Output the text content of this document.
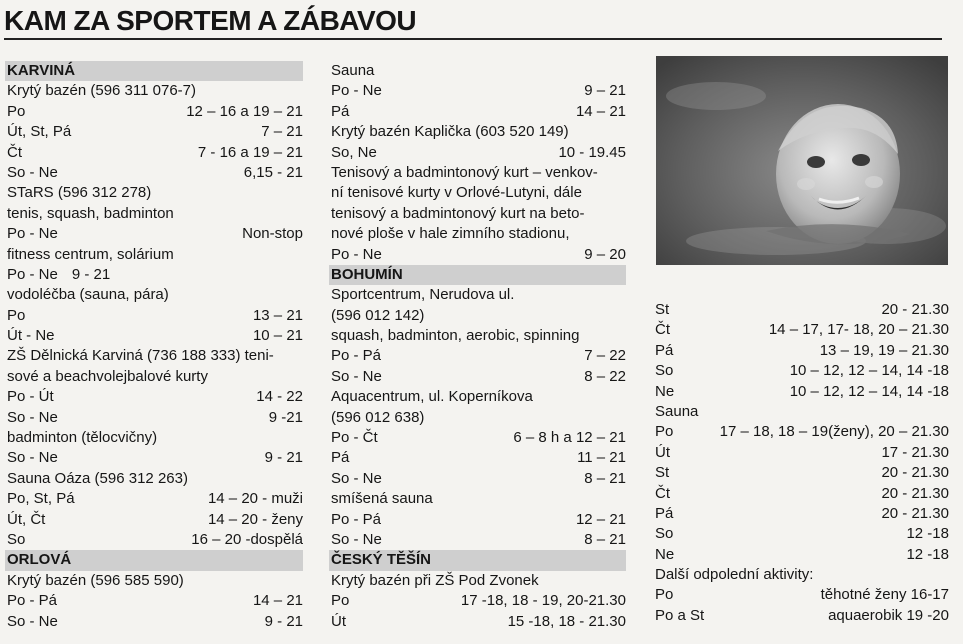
KAM ZA SPORTEM A ZÁBAVOU
KARVINÁ
Krytý bazén (596 311 076-7)
Po	12 – 16 a 19 – 21
Út, St, Pá	7 – 21
Čt	7 - 16 a 19 – 21
So - Ne	6,15 - 21
STaRS (596 312 278)
tenis, squash, badminton
Po - Ne	Non-stop
fitness centrum, solárium
Po - Ne 9 - 21
vodoléčba (sauna, pára)
Po	13 – 21
Út - Ne	10 – 21
ZŠ Dělnická Karviná (736 188 333) teni-
sové a beachvolejbalové kurty
Po - Út	14 - 22
So - Ne	9 -21
badminton (tělocvičny)
So - Ne	9 - 21
Sauna Oáza (596 312 263)
Po, St, Pá	14 – 20 - muži
Út, Čt	14 – 20 - ženy
So	16 – 20 -dospělá
ORLOVÁ
Krytý bazén (596 585 590)
Po - Pá	14 – 21
So - Ne	9 - 21
Sauna
Po - Ne	9 – 21
Pá	14 – 21
Krytý bazén Kaplička (603 520 149)
So, Ne	10 - 19.45
Tenisový a badmintonový kurt – venkov-
ní tenisové kurty v Orlové-Lutyni, dále
tenisový a badmintonový kurt na beto-
nové ploše v hale zimního stadionu,
Po - Ne	9 – 20
BOHUMÍN
Sportcentrum, Nerudova ul.
(596 012 142)
squash, badminton, aerobic, spinning
Po - Pá	7 – 22
So - Ne	8 – 22
Aquacentrum, ul. Koperníkova
(596 012 638)
Po - Čt	6 – 8 h a 12 – 21
Pá	11 – 21
So - Ne	8 – 21
smíšená sauna
Po - Pá	12 – 21
So - Ne	8 – 21
ČESKÝ TĚŠÍN
Krytý bazén při ZŠ Pod Zvonek
Po	17 -18, 18 - 19, 20-21.30
Út	15 -18, 18 - 21.30
St	20 - 21.30
Čt	14 – 17, 17- 18, 20 – 21.30
Pá	13 – 19, 19 – 21.30
So	10 – 12, 12 – 14, 14 -18
Ne	10 – 12, 12 – 14, 14 -18
Sauna
Po	17 – 18, 18 – 19(ženy), 20 – 21.30
Út	17 - 21.30
St	20 - 21.30
Čt	20 - 21.30
Pá	20 - 21.30
So	12 -18
Ne	12 -18
Další odpolední aktivity:
Po	těhotné ženy 16-17
Po a St	aquaerobik 19 -20
